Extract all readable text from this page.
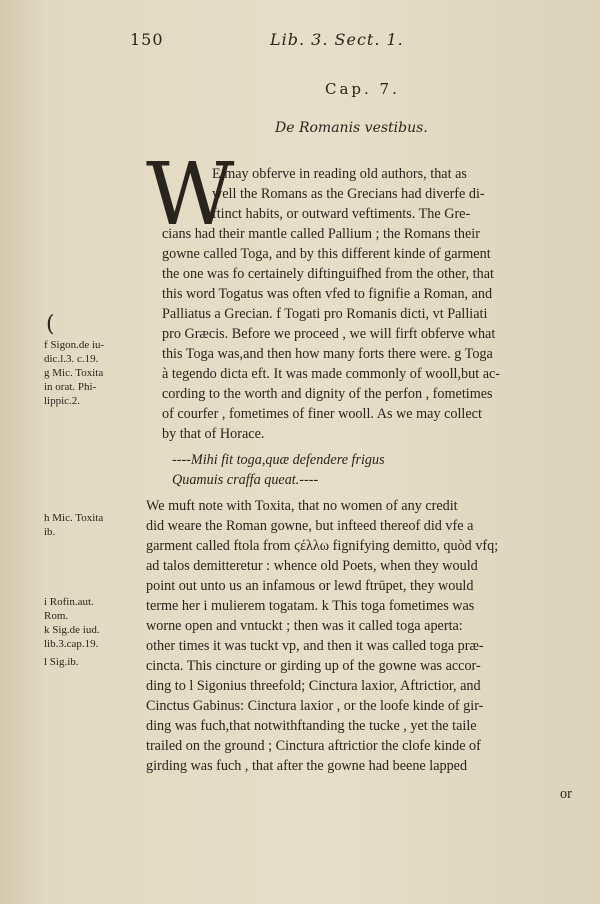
150	Lib. 3. Sect. 1.
Cap. 7.
De Romanis vestibus.
W
(
E may obferve in reading old authors, that as
well the Romans as the Grecians had diverfe di-
ftinct habits, or outward veftiments. The Gre-
cians had their mantle called Pallium ; the Romans their
gowne called Toga, and by this different kinde of garment
the one was fo certainely diftinguifhed from the other, that
this word Togatus was often vfed to fignifie a Roman, and
Palliatus a Grecian. f Togati pro Romanis dicti, vt Palliati
pro Græcis. Before we proceed , we will firft obferve what
this Toga was,and then how many forts there were. g Toga
à tegendo dicta eft. It was made commonly of wooll,but ac-
cording to the worth and dignity of the perfon , fometimes
of courfer , fometimes of finer wooll. As we may collect
by that of Horace.
----Mihi fit toga,quæ defendere frigus
Quamuis craffa queat.----
We muft note with Toxita, that no women of any credit
did weare the Roman gowne, but infteed thereof did vfe a
garment called ftola from ϛέλλω fignifying demitto, quòd vfq;
ad talos demitteretur : whence old Poets, when they would
point out unto us an infamous or lewd ftrūpet, they would
terme her i mulierem togatam. k This toga fometimes was
worne open and vntuckt ; then was it called toga aperta:
other times it was tuckt vp, and then it was called toga præ-
cincta. This cincture or girding up of the gowne was accor-
ding to l Sigonius threefold; Cinctura laxior, Aftrictior, and
Cinctus Gabinus: Cinctura laxior , or the loofe kinde of gir-
ding was fuch,that notwithftanding the tucke , yet the taile
trailed on the ground ; Cinctura aftrictior the clofe kinde of
girding was fuch , that after the gowne had beene lapped
or
f Sigon.de iu-
dic.l.3. c.19.
g Mic. Toxita
in orat. Phi-
lippic.2.
h Mic. Toxita
ib.
i Rofin.aut.
Rom.
k Sig.de iud.
lib.3.cap.19.
l Sig.ib.
